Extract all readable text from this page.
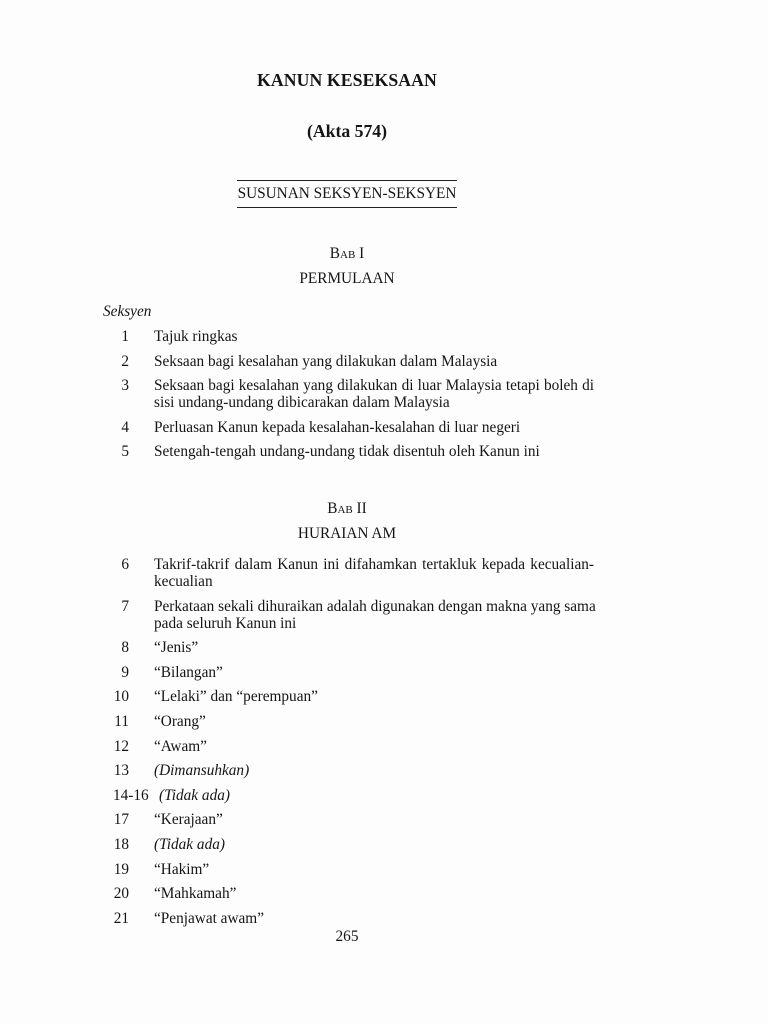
KANUN KESEKSAAN
(Akta 574)
SUSUNAN SEKSYEN-SEKSYEN
Bab I
PERMULAAN
Seksyen
1 Tajuk ringkas
2 Seksaan bagi kesalahan yang dilakukan dalam Malaysia
3 Seksaan bagi kesalahan yang dilakukan di luar Malaysia tetapi boleh di
sisi undang-undang dibicarakan dalam Malaysia
4 Perluasan Kanun kepada kesalahan-kesalahan di luar negeri
5 Setengah-tengah undang-undang tidak disentuh oleh Kanun ini
Bab II
HURAIAN AM
6 Takrif-takrif dalam Kanun ini difahamkan tertakluk kepada kecualian-
kecualian
7 Perkataan sekali dihuraikan adalah digunakan dengan makna yang sama
pada seluruh Kanun ini
8 “Jenis”
9 “Bilangan”
10 “Lelaki” dan “perempuan”
11 “Orang”
12 “Awam”
13 (Dimansuhkan)
14-16 (Tidak ada)
17 “Kerajaan”
18 (Tidak ada)
19 “Hakim”
20 “Mahkamah”
21 “Penjawat awam”
265
